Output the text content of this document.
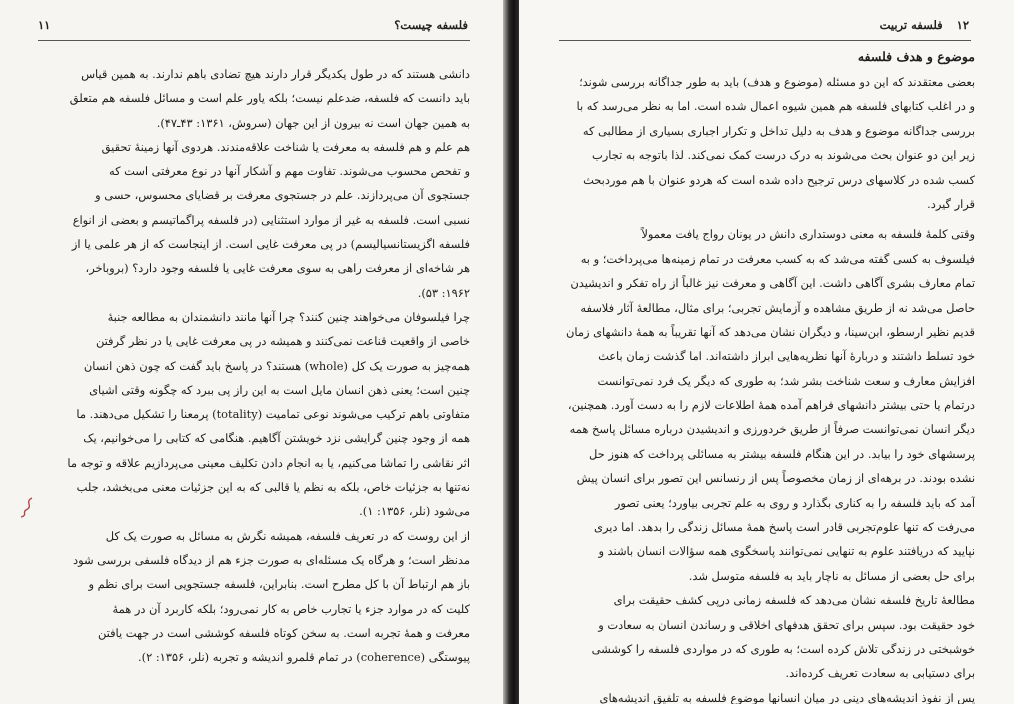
فلسفه چیست؟
۱۱
دانشی هستند که در طول یکدیگر قرار دارند هیچ تضادی باهم ندارند. به همین قیاس
باید دانست که فلسفه، ضدعلم نیست؛ بلکه یاور علم است و مسائل فلسفه هم متعلق
به همین جهان است نه بیرون از این جهان (سروش، ۱۳۶۱: ۴۳ـ۴۷).
هم علم و هم فلسفه به معرفت یا شناخت علاقه‌مندند. هردوی آنها زمینهٔ تحقیق
و تفحص محسوب می‌شوند. تفاوت مهم و آشکار آنها در نوع معرفتی است که
جستجوی آن می‌پردازند. علم در جستجوی معرفت بر قضایای محسوس، حسی و
نسبی است. فلسفه به غیر از موارد استثنایی (در فلسفه پراگماتیسم و بعضی از انواع
فلسفه اگزیستانسیالیسم) در پی معرفت غایی است. از اینجاست که از هر علمی یا از
هر شاخه‌ای از معرفت راهی به سوی معرفت غایی یا فلسفه وجود دارد؟ (بروباخر،
۱۹۶۲: ۵۳).
چرا فیلسوفان می‌خواهند چنین کنند؟ چرا آنها مانند دانشمندان به مطالعه جنبهٔ
خاصی از واقعیت قناعت نمی‌کنند و همیشه در پی معرفت غایی یا در نظر گرفتن
همه‌چیز به صورت یک کل (whole) هستند؟ در پاسخ باید گفت که چون ذهن انسان
چنین است؛ یعنی ذهن انسان مایل است به این راز پی ببرد که چگونه وقتی اشیای
متفاوتی باهم ترکیب می‌شوند نوعی تمامیت (totality) پرمعنا را تشکیل می‌دهند. ما
همه از وجود چنین گرایشی نزد خویشتن آگاهیم. هنگامی که کتابی را می‌خوانیم، یک
اثر نقاشی را تماشا می‌کنیم، یا به انجام دادن تکلیف معینی می‌پردازیم علاقه و توجه ما
نه‌تنها به جزئیات خاص، بلکه به نظم یا قالبی که به این جزئیات معنی می‌بخشد، جلب
می‌شود (نلر، ۱۳۵۶: ۱).
از این روست که در تعریف فلسفه، همیشه نگرش به مسائل به صورت یک کل
مدنظر است؛ و هرگاه یک مسئله‌ای به صورت جزء هم از دیدگاه فلسفی بررسی شود
باز هم ارتباط آن با کل مطرح است. بنابراین، فلسفه جستجویی است برای نظم و
کلیت که در موارد جزء یا تجارب خاص به کار نمی‌رود؛ بلکه کاربرد آن در همهٔ
معرفت و همهٔ تجربه است. به سخن کوتاه فلسفه کوششی است در جهت یافتن
پیوستگی (coherence) در تمام قلمرو اندیشه و تجربه (نلر، ۱۳۵۶: ۲).
۱۲
فلسفه تربیت
موضوع و هدف فلسفه
بعضی معتقدند که این دو مسئله (موضوع و هدف) باید به طور جداگانه بررسی شوند؛
و در اغلب کتابهای فلسفه هم همین شیوه اعمال شده است. اما به نظر می‌رسد که با
بررسی جداگانه موضوع و هدف به دلیل تداخل و تکرار اجباری بسیاری از مطالبی که
زیر این دو عنوان بحث می‌شوند به درک درست کمک نمی‌کند. لذا باتوجه به تجارب
کسب شده در کلاسهای درس ترجیح داده شده است که هردو عنوان با هم موردبحث
قرار گیرد.
وقتی کلمهٔ فلسفه به معنی دوستداری دانش در یونان رواج یافت معمولاً
فیلسوف به کسی گفته می‌شد که به کسب معرفت در تمام زمینه‌ها می‌پرداخت؛ و به
تمام معارف بشری آگاهی داشت. این آگاهی و معرفت نیز غالباً از راه تفکر و اندیشیدن
حاصل می‌شد نه از طریق مشاهده و آزمایش تجربی؛ برای مثال، مطالعهٔ آثار فلاسفه
قدیم نظیر ارسطو، ابن‌سینا، و دیگران نشان می‌دهد که آنها تقریباً به همهٔ دانشهای زمان
خود تسلط داشتند و دربارهٔ آنها نظریه‌هایی ابراز داشته‌اند. اما گذشت زمان باعث
افزایش معارف و سعت شناخت بشر شد؛ به طوری که دیگر یک فرد نمی‌توانست
درتمام یا حتی بیشتر دانشهای فراهم آمده همهٔ اطلاعات لازم را به دست آورد. همچنین،
دیگر انسان نمی‌توانست صرفاً از طریق خردورزی و اندیشیدن درباره مسائل پاسخ همه
پرسشهای خود را بیابد. در این هنگام فلسفه بیشتر به مسائلی پرداخت که هنوز حل
نشده بودند. در برهه‌ای از زمان مخصوصاً پس از رنسانس این تصور برای انسان پیش
آمد که باید فلسفه را به کناری بگذارد و روی به علم تجربی بیاورد؛ یعنی تصور
می‌رفت که تنها علوم‌تجربی قادر است پاسخ همهٔ مسائل زندگی را بدهد. اما دیری
نپایید که دریافتند علوم به تنهایی نمی‌توانند پاسخگوی همه سؤالات انسان باشند و
برای حل بعضی از مسائل به ناچار باید به فلسفه متوسل شد.
مطالعهٔ تاریخ فلسفه نشان می‌دهد که فلسفه زمانی درپی کشف حقیقت برای
خود حقیقت بود. سپس برای تحقق هدفهای اخلاقی و رساندن انسان به سعادت و
خوشبختی در زندگی تلاش کرده است؛ به طوری که در مواردی فلسفه را کوششی
برای دستیابی به سعادت تعریف کرده‌اند.
پس از نفوذ اندیشه‌های دینی در میان انسانها موضوع فلسفه به تلفیق اندیشه‌های
